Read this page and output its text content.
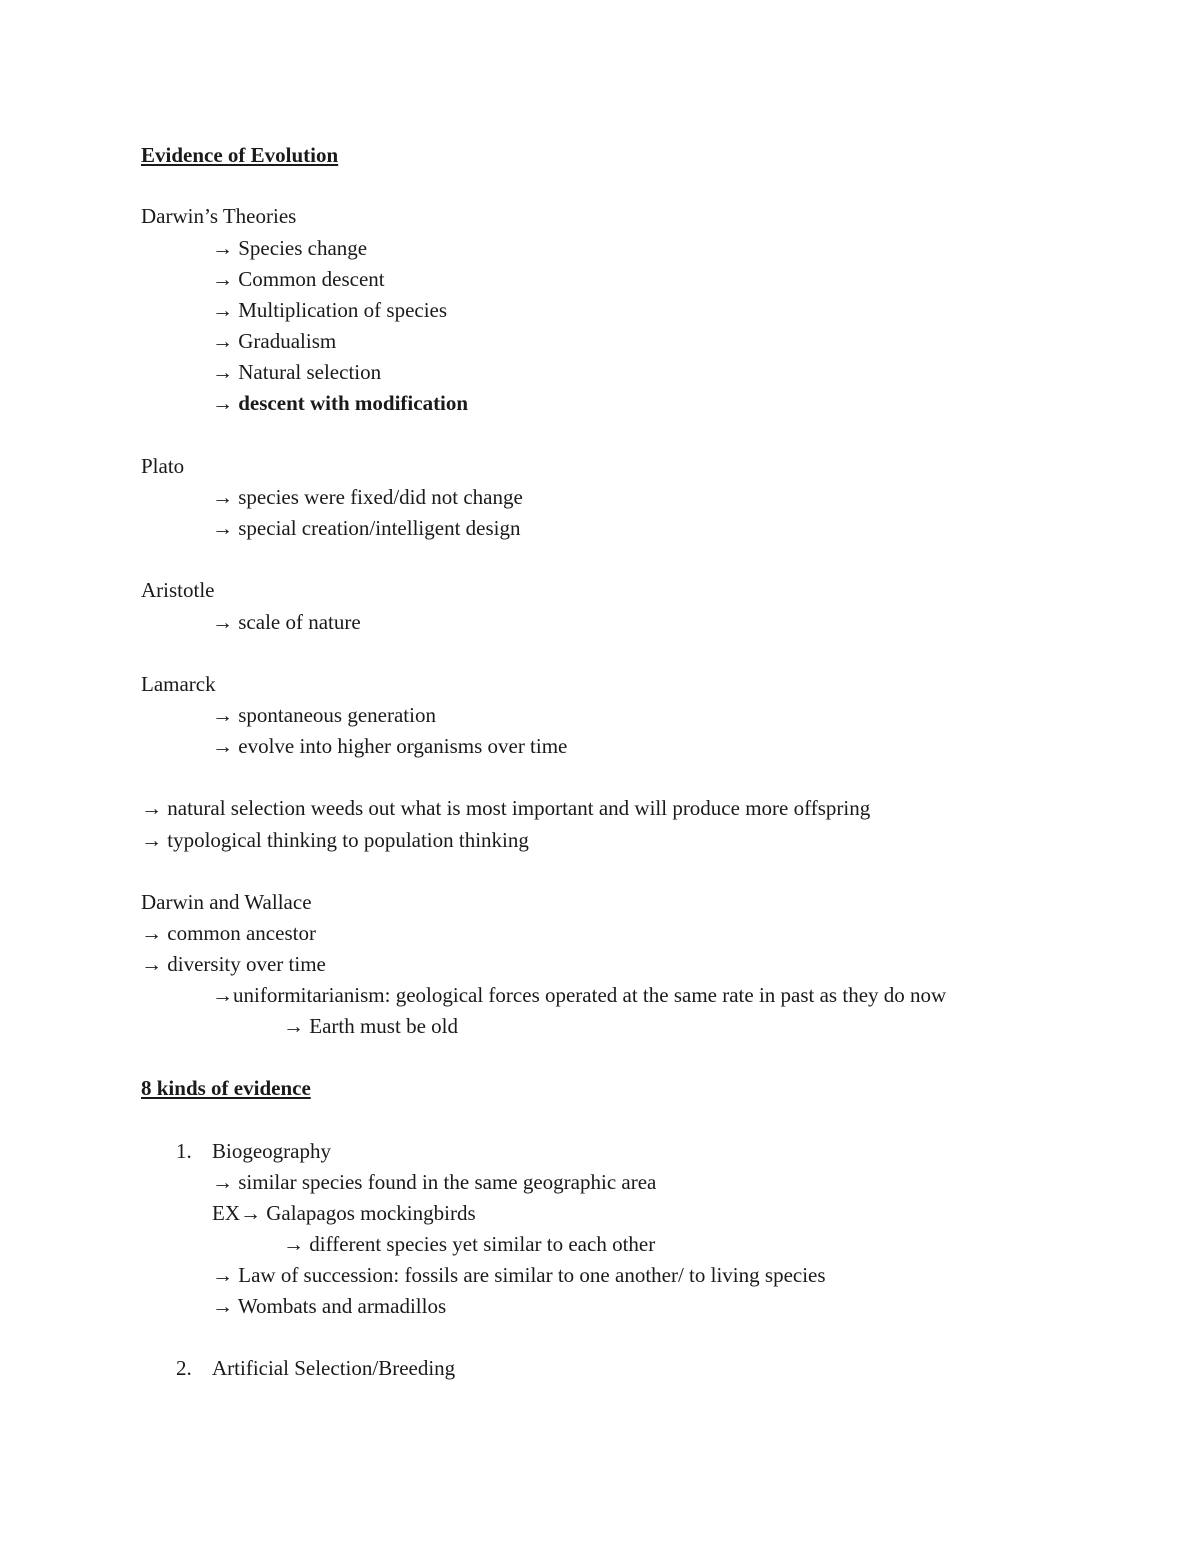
Evidence of Evolution
Darwin’s Theories
→ Species change
→ Common descent
→ Multiplication of species
→ Gradualism
→ Natural selection
→ descent with modification
Plato
→ species were fixed/did not change
→ special creation/intelligent design
Aristotle
→ scale of nature
Lamarck
→ spontaneous generation
→ evolve into higher organisms over time
→ natural selection weeds out what is most important and will produce more offspring
→ typological thinking to population thinking
Darwin and Wallace
→ common ancestor
→ diversity over time
→uniformitarianism: geological forces operated at the same rate in past as they do now
→ Earth must be old
8 kinds of evidence
1. Biogeography
→ similar species found in the same geographic area
EX→ Galapagos mockingbirds
→ different species yet similar to each other
→ Law of succession: fossils are similar to one another/ to living species
→ Wombats and armadillos
2. Artificial Selection/Breeding
